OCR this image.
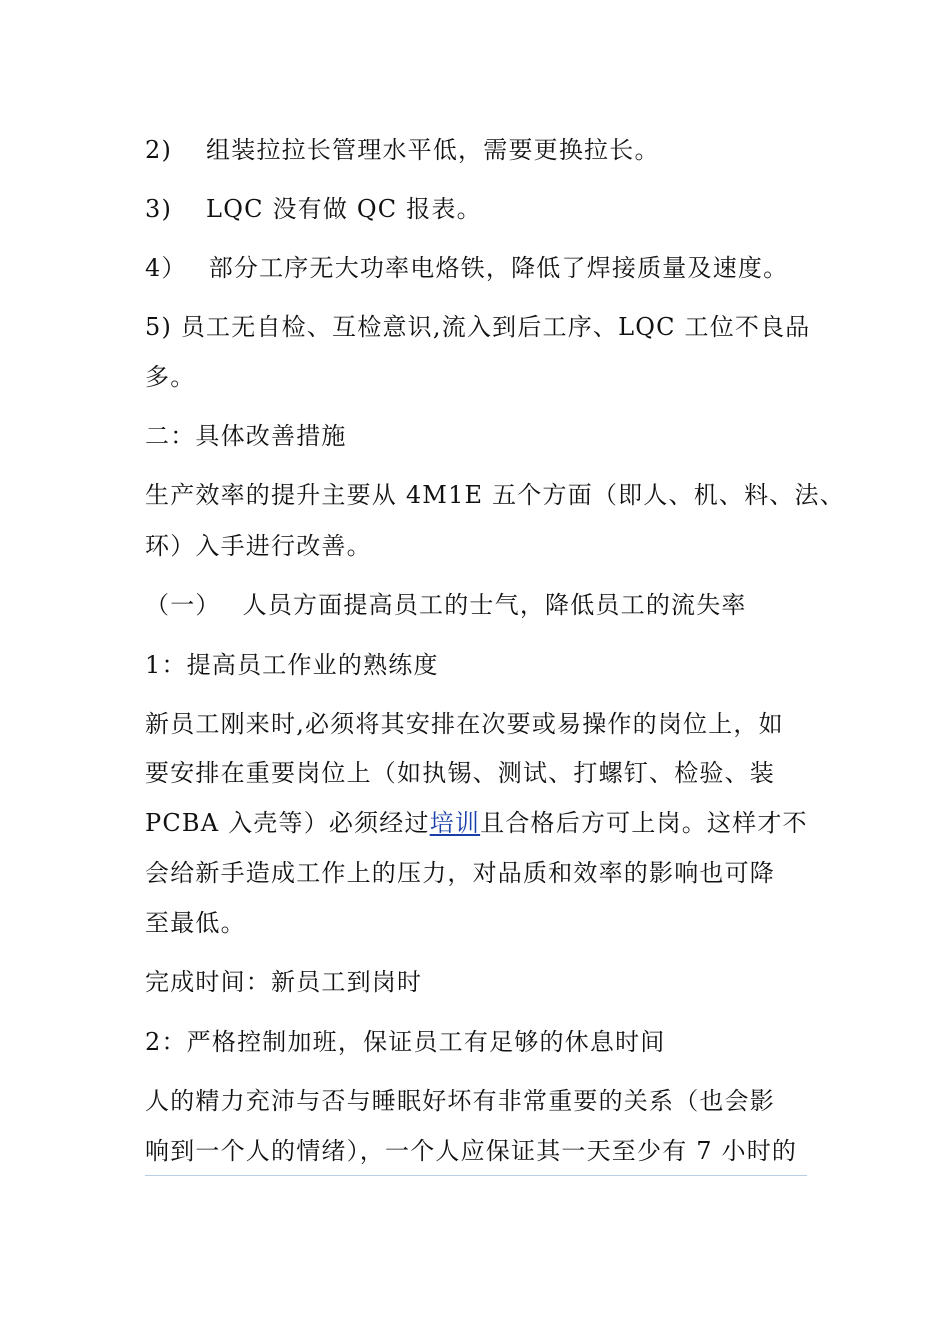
2)　 组装拉拉长管理水平低，需要更换拉长。
3)　 LQC 没有做 QC 报表。
4）　 部分工序无大功率电烙铁，降低了焊接质量及速度。
5) 员工无自检、互检意识,流入到后工序、LQC 工位不良品
多。
二：具体改善措施
生产效率的提升主要从 4M1E 五个方面（即人、机、料、法、
环）入手进行改善。
（一）　 人员方面提高员工的士气，降低员工的流失率
1：提高员工作业的熟练度
新员工刚来时,必须将其安排在次要或易操作的岗位上，如
要安排在重要岗位上（如执锡、测试、打螺钉、检验、装
PCBA 入壳等）必须经过培训且合格后方可上岗。这样才不
会给新手造成工作上的压力，对品质和效率的影响也可降
至最低。
完成时间：新员工到岗时
2：严格控制加班，保证员工有足够的休息时间
人的精力充沛与否与睡眠好坏有非常重要的关系（也会影
响到一个人的情绪），一个人应保证其一天至少有 7 小时的
